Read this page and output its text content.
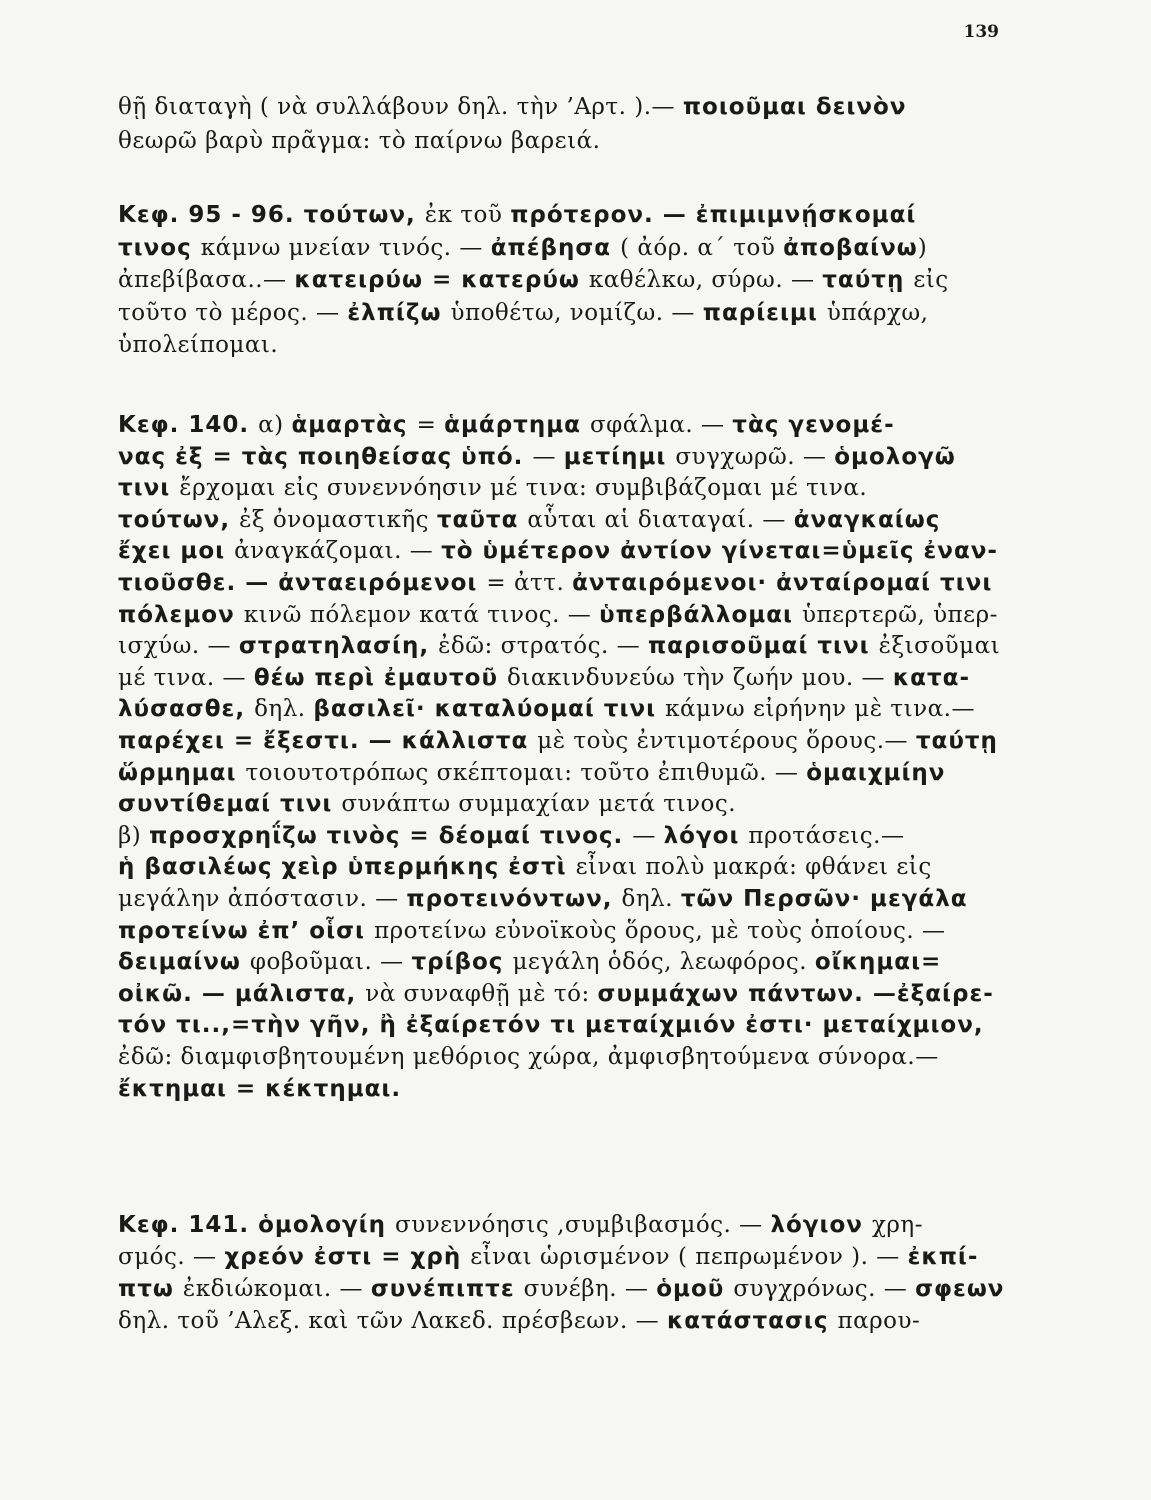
139
θῇ διαταγὴ ( νὰ συλλάβουν δηλ. τὴν ’Αρτ. ).— ποιοῦμαι δεινὸν
θεωρῶ βαρὺ πρᾶγμα: τὸ παίρνω βαρειά.
Κεφ. 95 - 96. τούτων, ἐκ τοῦ πρότερον. — ἐπιμιμνῄσκομαί
τινος κάμνω μνείαν τινός. — ἀπέβησα ( ἀόρ. α΄ τοῦ ἀποβαίνω)
ἀπεβίβασα..— κατειρύω = κατερύω καθέλκω, σύρω. — ταύτῃ εἰς
τοῦτο τὸ μέρος. — ἐλπίζω ὑποθέτω, νομίζω. — παρίειμι ὑπάρχω,
ὑπολείπομαι.
Κεφ. 140. α) ἁμαρτὰς = ἁμάρτημα σφάλμα. — τὰς γενομέ-
νας ἐξ = τὰς ποιηθείσας ὑπό. — μετίημι συγχωρῶ. — ὁμολογῶ
τινι ἔρχομαι εἰς συνεννόησιν μέ τινα: συμβιβάζομαι μέ τινα.
τούτων, ἐξ ὀνομαστικῆς ταῦτα αὗται αἱ διαταγαί. — ἀναγκαίως
ἔχει μοι ἀναγκάζομαι. — τὸ ὑμέτερον ἀντίον γίνεται=ὑμεῖς ἐναν-
τιοῦσθε. — ἀνταειρόμενοι = ἀττ. ἀνταιρόμενοι· ἀνταίρομαί τινι
πόλεμον κινῶ πόλεμον κατά τινος. — ὑπερβάλλομαι ὑπερτερῶ, ὑπερ-
ισχύω. — στρατηλασίη, ἐδῶ: στρατός. — παρισοῦμαί τινι ἐξισοῦμαι
μέ τινα. — θέω περὶ ἐμαυτοῦ διακινδυνεύω τὴν ζωήν μου. — κατα-
λύσασθε, δηλ. βασιλεῖ· καταλύομαί τινι κάμνω εἰρήνην μὲ τινα.—
παρέχει = ἔξεστι. — κάλλιστα μὲ τοὺς ἐντιμοτέρους ὅρους.— ταύτῃ
ὥρμημαι τοιουτοτρόπως σκέπτομαι: τοῦτο ἐπιθυμῶ. — ὁμαιχμίην
συντίθεμαί τινι συνάπτω συμμαχίαν μετά τινος.
β) προσχρηΐζω τινὸς = δέομαί τινος. — λόγοι προτάσεις.—
ἡ βασιλέως χεὶρ ὑπερμήκης ἐστὶ εἶναι πολὺ μακρά: φθάνει εἰς
μεγάλην ἀπόστασιν. — προτεινόντων, δηλ. τῶν Περσῶν· μεγάλα
προτείνω ἐπ’ οἷσι προτείνω εὐνοϊκοὺς ὅρους, μὲ τοὺς ὁποίους. —
δειμαίνω φοβοῦμαι. — τρίβος μεγάλη ὁδός, λεωφόρος. οἴκημαι=
οἰκῶ. — μάλιστα, νὰ συναφθῇ μὲ τό: συμμάχων πάντων. —ἐξαίρε-
τόν τι..,=τὴν γῆν, ἢ ἐξαίρετόν τι μεταίχμιόν ἐστι· μεταίχμιον,
ἐδῶ: διαμφισβητουμένη μεθόριος χώρα, ἀμφισβητούμενα σύνορα.—
ἔκτημαι = κέκτημαι.
Κεφ. 141. ὁμολογίη συνεννόησις ,συμβιβασμός. — λόγιον χρη-
σμός. — χρεόν ἐστι = χρὴ εἶναι ὡρισμένον ( πεπρωμένον ). — ἐκπί-
πτω ἐκδιώκομαι. — συνέπιπτε συνέβη. — ὁμοῦ συγχρόνως. — σφεων
δηλ. τοῦ ’Αλεξ. καὶ τῶν Λακεδ. πρέσβεων. — κατάστασις παρου-
